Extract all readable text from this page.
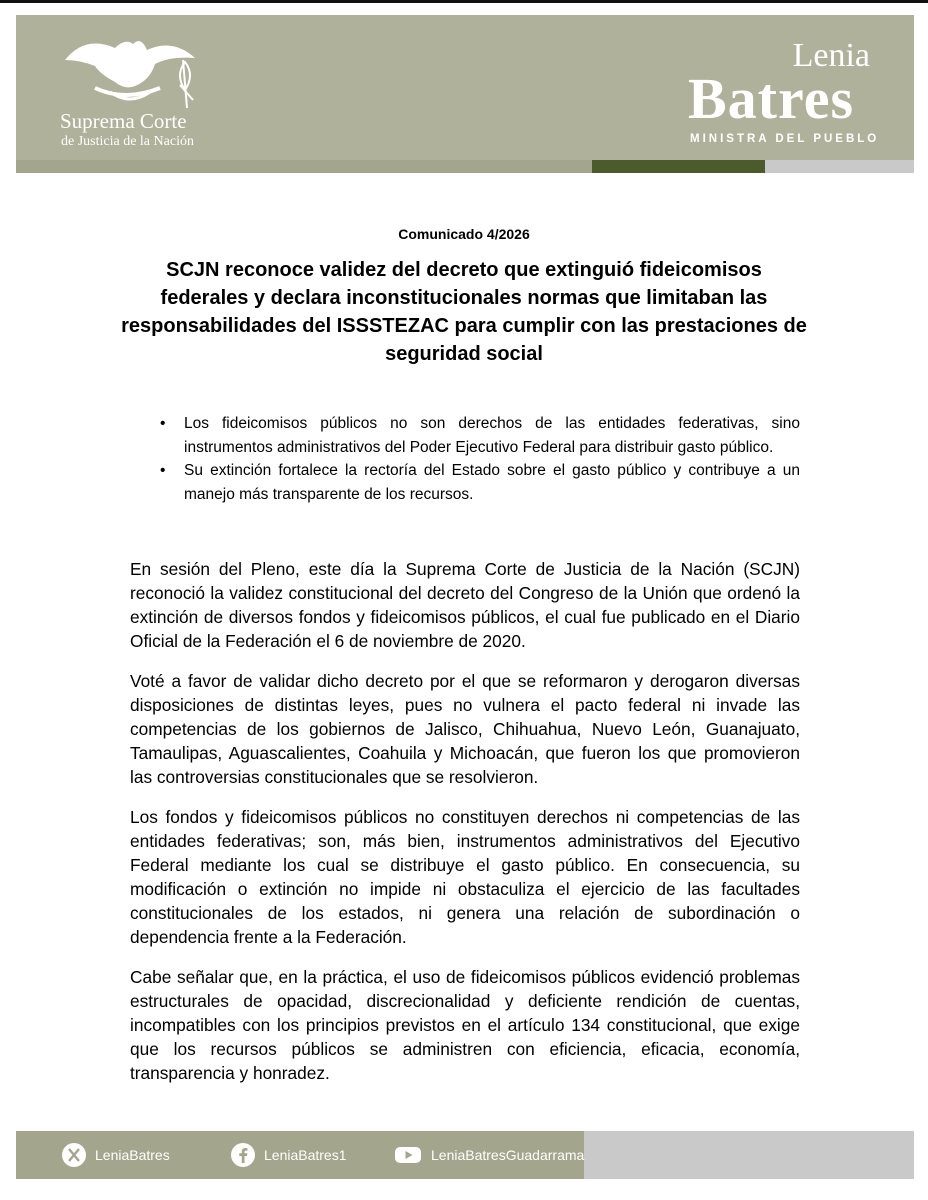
Suprema Corte
de Justicia de la Nación
Lenia
Batres
MINISTRA DEL PUEBLO
Comunicado 4/2026
SCJN reconoce validez del decreto que extinguió fideicomisos federales y declara inconstitucionales normas que limitaban las responsabilidades del ISSSTEZAC para cumplir con las prestaciones de seguridad social
• Los fideicomisos públicos no son derechos de las entidades federativas, sino instrumentos administrativos del Poder Ejecutivo Federal para distribuir gasto público.
• Su extinción fortalece la rectoría del Estado sobre el gasto público y contribuye a un manejo más transparente de los recursos.

En sesión del Pleno, este día la Suprema Corte de Justicia de la Nación (SCJN) reconoció la validez constitucional del decreto del Congreso de la Unión que ordenó la extinción de diversos fondos y fideicomisos públicos, el cual fue publicado en el Diario Oficial de la Federación el 6 de noviembre de 2020.

Voté a favor de validar dicho decreto por el que se reformaron y derogaron diversas disposiciones de distintas leyes, pues no vulnera el pacto federal ni invade las competencias de los gobiernos de Jalisco, Chihuahua, Nuevo León, Guanajuato, Tamaulipas, Aguascalientes, Coahuila y Michoacán, que fueron los que promovieron las controversias constitucionales que se resolvieron.

Los fondos y fideicomisos públicos no constituyen derechos ni competencias de las entidades federativas; son, más bien, instrumentos administrativos del Ejecutivo Federal mediante los cual se distribuye el gasto público. En consecuencia, su modificación o extinción no impide ni obstaculiza el ejercicio de las facultades constitucionales de los estados, ni genera una relación de subordinación o dependencia frente a la Federación.

Cabe señalar que, en la práctica, el uso de fideicomisos públicos evidenció problemas estructurales de opacidad, discrecionalidad y deficiente rendición de cuentas, incompatibles con los principios previstos en el artículo 134 constitucional, que exige que los recursos públicos se administren con eficiencia, eficacia, economía, transparencia y honradez.

LeniaBatres	LeniaBatres1	LeniaBatresGuadarrama
